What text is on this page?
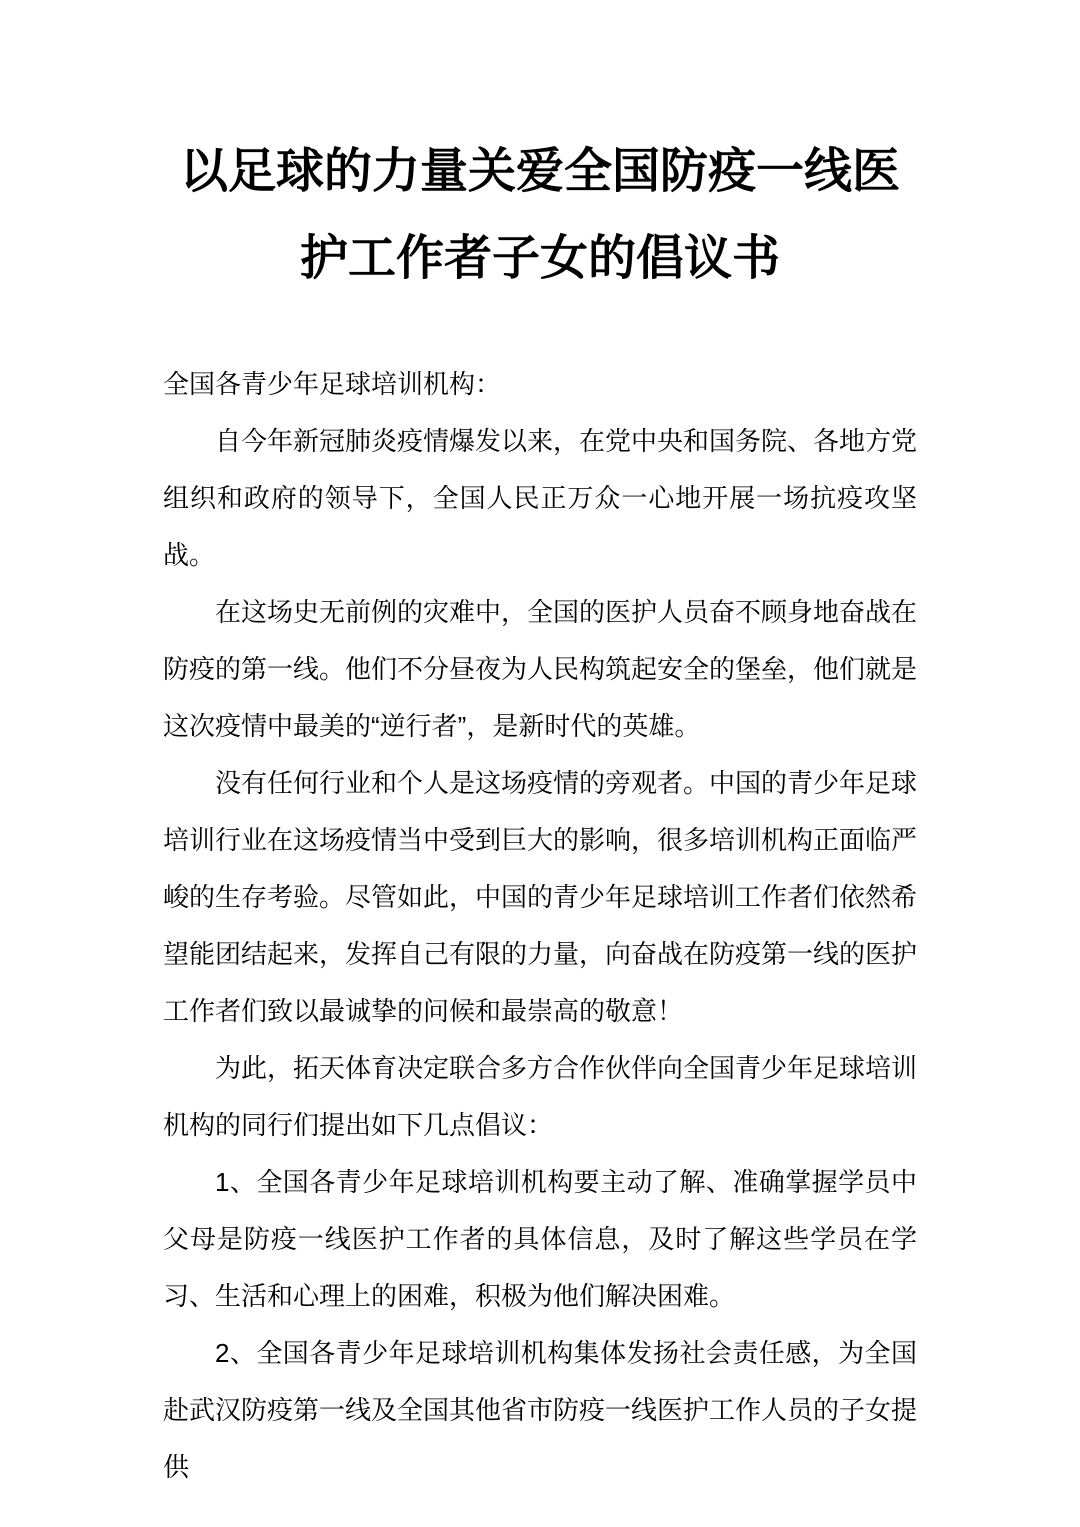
以足球的力量关爱全国防疫一线医护工作者子女的倡议书

全国各青少年足球培训机构：

自今年新冠肺炎疫情爆发以来，在党中央和国务院、各地方党组织和政府的领导下，全国人民正万众一心地开展一场抗疫攻坚战。

在这场史无前例的灾难中，全国的医护人员奋不顾身地奋战在防疫的第一线。他们不分昼夜为人民构筑起安全的堡垒，他们就是这次疫情中最美的“逆行者”，是新时代的英雄。

没有任何行业和个人是这场疫情的旁观者。中国的青少年足球培训行业在这场疫情当中受到巨大的影响，很多培训机构正面临严峻的生存考验。尽管如此，中国的青少年足球培训工作者们依然希望能团结起来，发挥自己有限的力量，向奋战在防疫第一线的医护工作者们致以最诚挚的问候和最崇高的敬意！

为此，拓天体育决定联合多方合作伙伴向全国青少年足球培训机构的同行们提出如下几点倡议：

1、全国各青少年足球培训机构要主动了解、准确掌握学员中父母是防疫一线医护工作者的具体信息，及时了解这些学员在学习、生活和心理上的困难，积极为他们解决困难。

2、全国各青少年足球培训机构集体发扬社会责任感，为全国赴武汉防疫第一线及全国其他省市防疫一线医护工作人员的子女提供
